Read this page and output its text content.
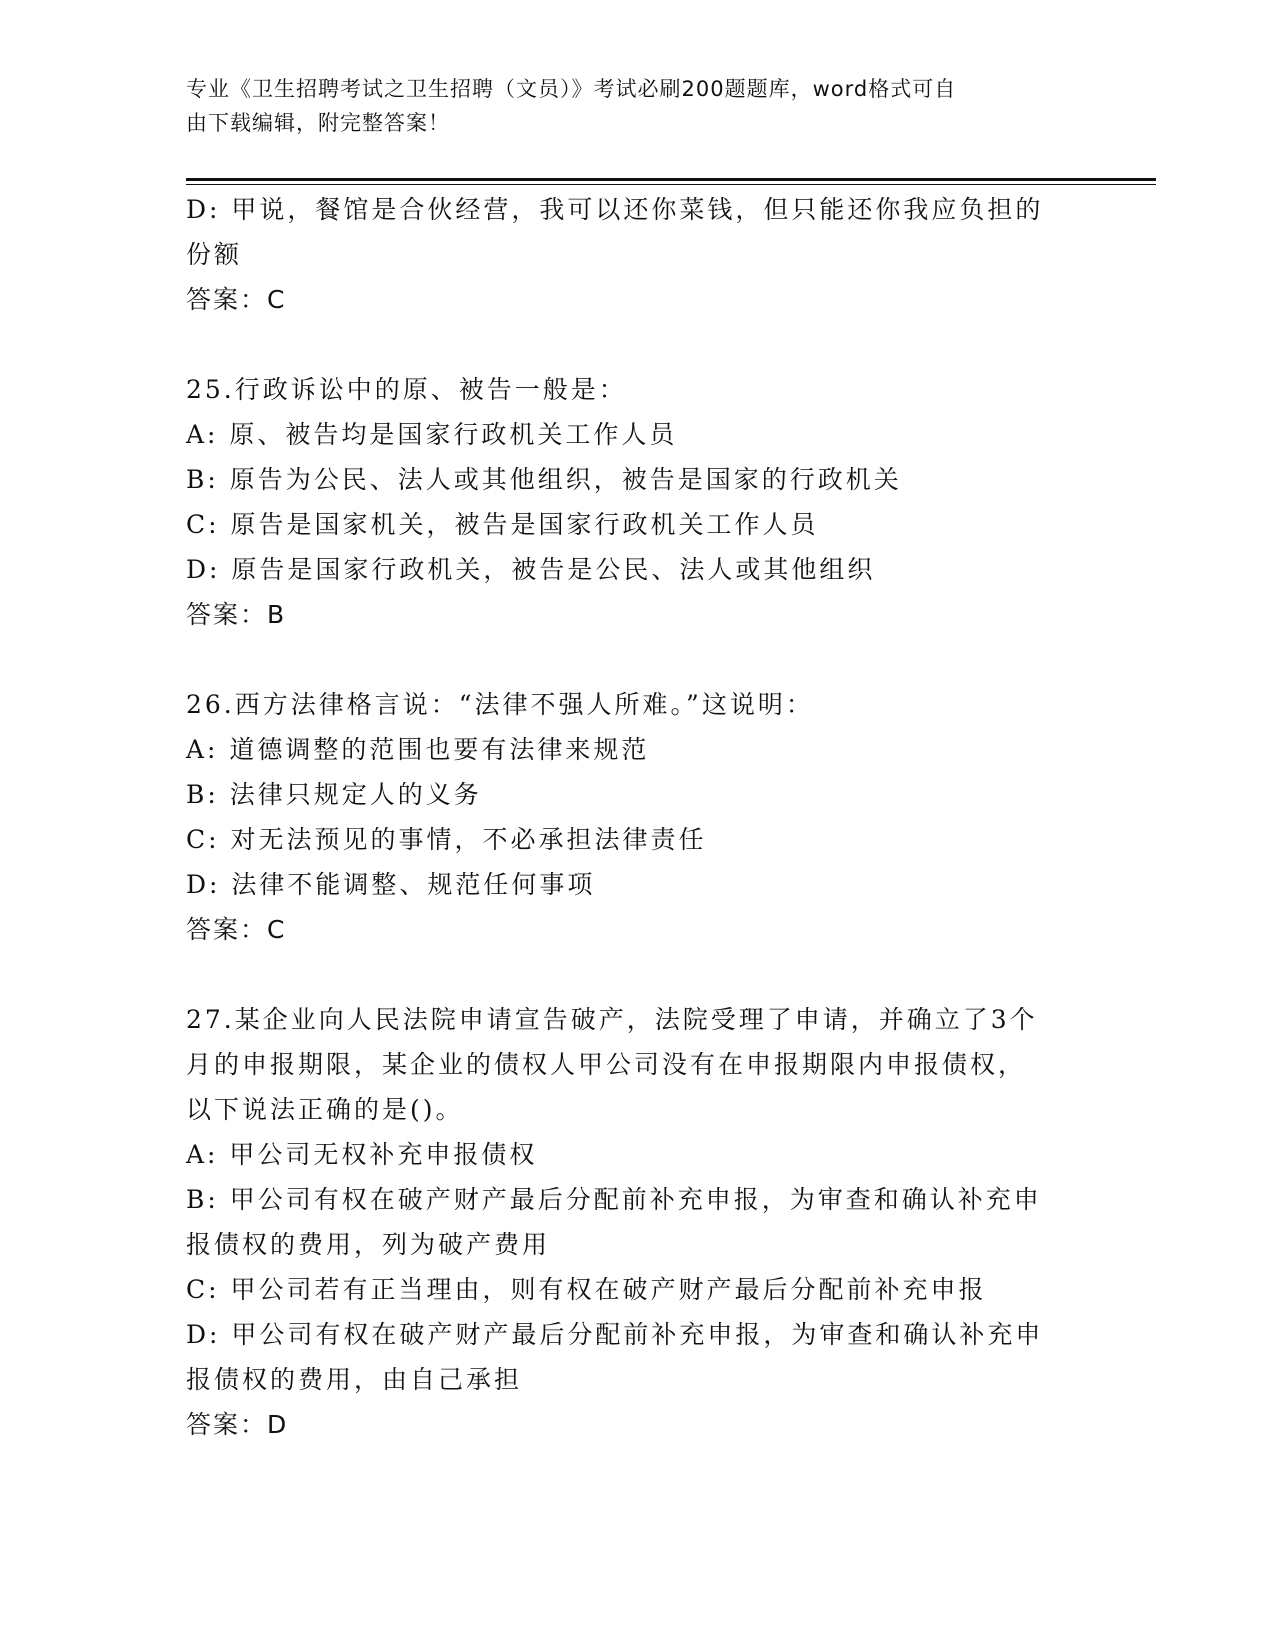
专业《卫生招聘考试之卫生招聘（文员）》考试必刷200题题库，word格式可自
由下载编辑，附完整答案！
D: 甲说，餐馆是合伙经营，我可以还你菜钱，但只能还你我应负担的
份额
答案：C
25.行政诉讼中的原、被告一般是：
A: 原、被告均是国家行政机关工作人员
B: 原告为公民、法人或其他组织，被告是国家的行政机关
C: 原告是国家机关，被告是国家行政机关工作人员
D: 原告是国家行政机关，被告是公民、法人或其他组织
答案：B
26.西方法律格言说：“法律不强人所难。”这说明：
A: 道德调整的范围也要有法律来规范
B: 法律只规定人的义务
C: 对无法预见的事情，不必承担法律责任
D: 法律不能调整、规范任何事项
答案：C
27.某企业向人民法院申请宣告破产，法院受理了申请，并确立了3个
月的申报期限，某企业的债权人甲公司没有在申报期限内申报债权，
以下说法正确的是()。
A: 甲公司无权补充申报债权
B: 甲公司有权在破产财产最后分配前补充申报，为审查和确认补充申
报债权的费用，列为破产费用
C: 甲公司若有正当理由，则有权在破产财产最后分配前补充申报
D: 甲公司有权在破产财产最后分配前补充申报，为审查和确认补充申
报债权的费用，由自己承担
答案：D
